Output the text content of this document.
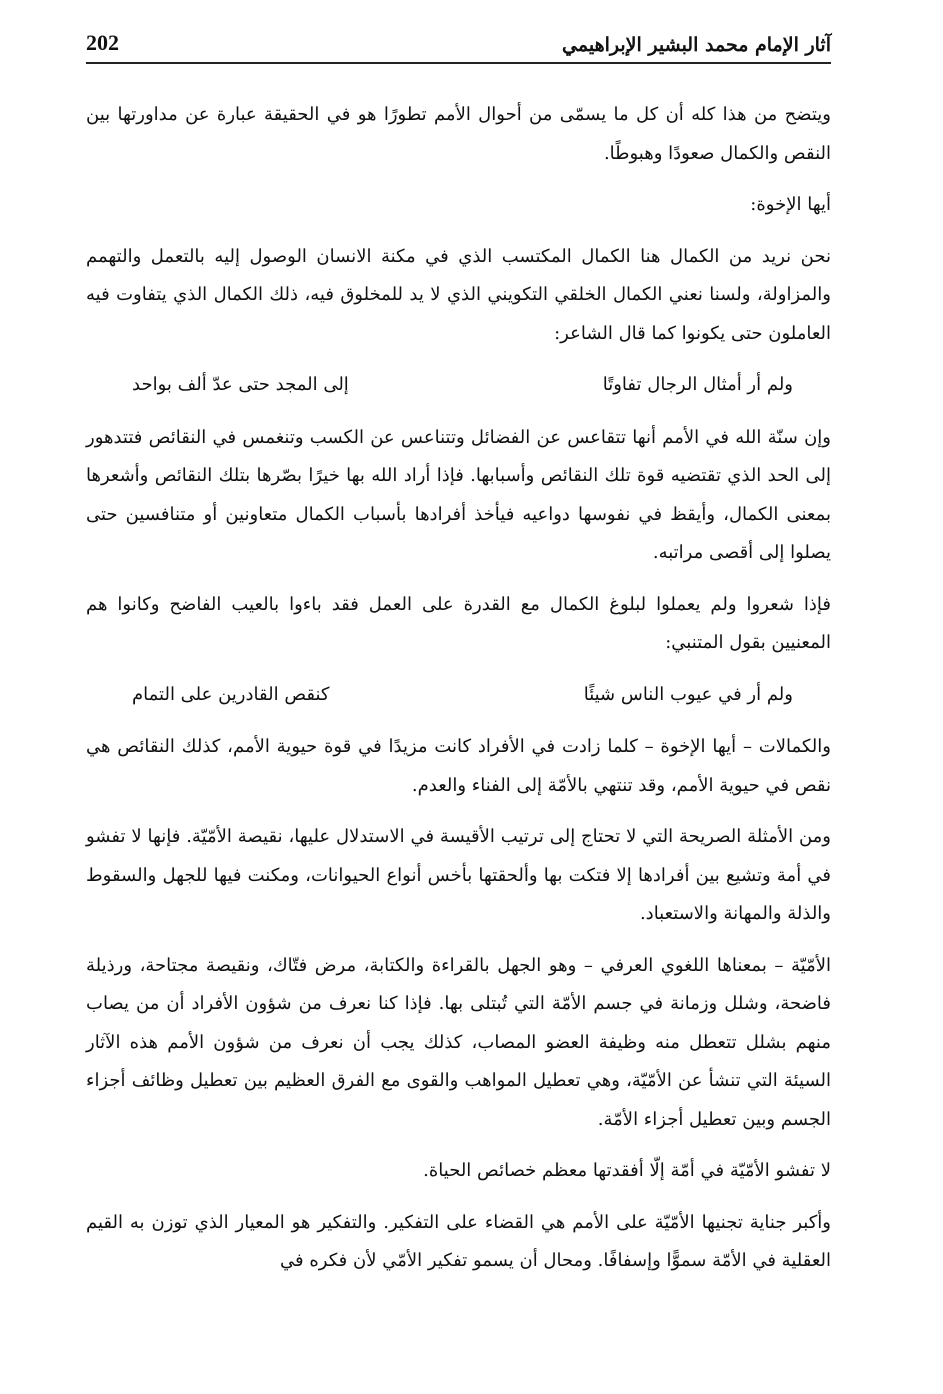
202	آثار الإمام محمد البشير الإبراهيمي

ويتضح من هذا كله أن كل ما يسمّى من أحوال الأمم تطورًا هو في الحقيقة عبارة عن مداورتها بين النقص والكمال صعودًا وهبوطًا.

أيها الإخوة:

نحن نريد من الكمال هنا الكمال المكتسب الذي في مكنة الانسان الوصول إليه بالتعمل والتهمم والمزاولة، ولسنا نعني الكمال الخلقي التكويني الذي لا يد للمخلوق فيه، ذلك الكمال الذي يتفاوت فيه العاملون حتى يكونوا كما قال الشاعر:

ولم أر أمثال الرجال تفاوتًا
إلى المجد حتى عدّ ألف بواحد

وإن سنّة الله في الأمم أنها تتقاعس عن الفضائل وتتناعس عن الكسب وتنغمس في النقائص فتتدهور إلى الحد الذي تقتضيه قوة تلك النقائص وأسبابها. فإذا أراد الله بها خيرًا بصّرها بتلك النقائص وأشعرها بمعنى الكمال، وأيقظ في نفوسها دواعيه فيأخذ أفرادها بأسباب الكمال متعاونين أو متنافسين حتى يصلوا إلى أقصى مراتبه.

فإذا شعروا ولم يعملوا لبلوغ الكمال مع القدرة على العمل فقد باءوا بالعيب الفاضح وكانوا هم المعنيين بقول المتنبي:

ولم أر في عيوب الناس شيئًا
كنقص القادرين على التمام

والكمالات – أيها الإخوة – كلما زادت في الأفراد كانت مزيدًا في قوة حيوية الأمم، كذلك النقائص هي نقص في حيوية الأمم، وقد تنتهي بالأمّة إلى الفناء والعدم.

ومن الأمثلة الصريحة التي لا تحتاج إلى ترتيب الأقيسة في الاستدلال عليها، نقيصة الأمّيّة. فإنها لا تفشو في أمة وتشيع بين أفرادها إلا فتكت بها وألحقتها بأخس أنواع الحيوانات، ومكنت فيها للجهل والسقوط والذلة والمهانة والاستعباد.

الأمّيّة – بمعناها اللغوي العرفي – وهو الجهل بالقراءة والكتابة، مرض فتّاك، ونقيصة مجتاحة، ورذيلة فاضحة، وشلل وزمانة في جسم الأمّة التي تُبتلى بها. فإذا كنا نعرف من شؤون الأفراد أن من يصاب منهم بشلل تتعطل منه وظيفة العضو المصاب، كذلك يجب أن نعرف من شؤون الأمم هذه الآثار السيئة التي تنشأ عن الأمّيّة، وهي تعطيل المواهب والقوى مع الفرق العظيم بين تعطيل وظائف أجزاء الجسم وبين تعطيل أجزاء الأمّة.

لا تفشو الأمّيّة في أمّة إلّا أفقدتها معظم خصائص الحياة.

وأكبر جناية تجنيها الأمّيّة على الأمم هي القضاء على التفكير. والتفكير هو المعيار الذي توزن به القيم العقلية في الأمّة سموًّا وإسفافًا. ومحال أن يسمو تفكير الأمّي لأن فكره في
